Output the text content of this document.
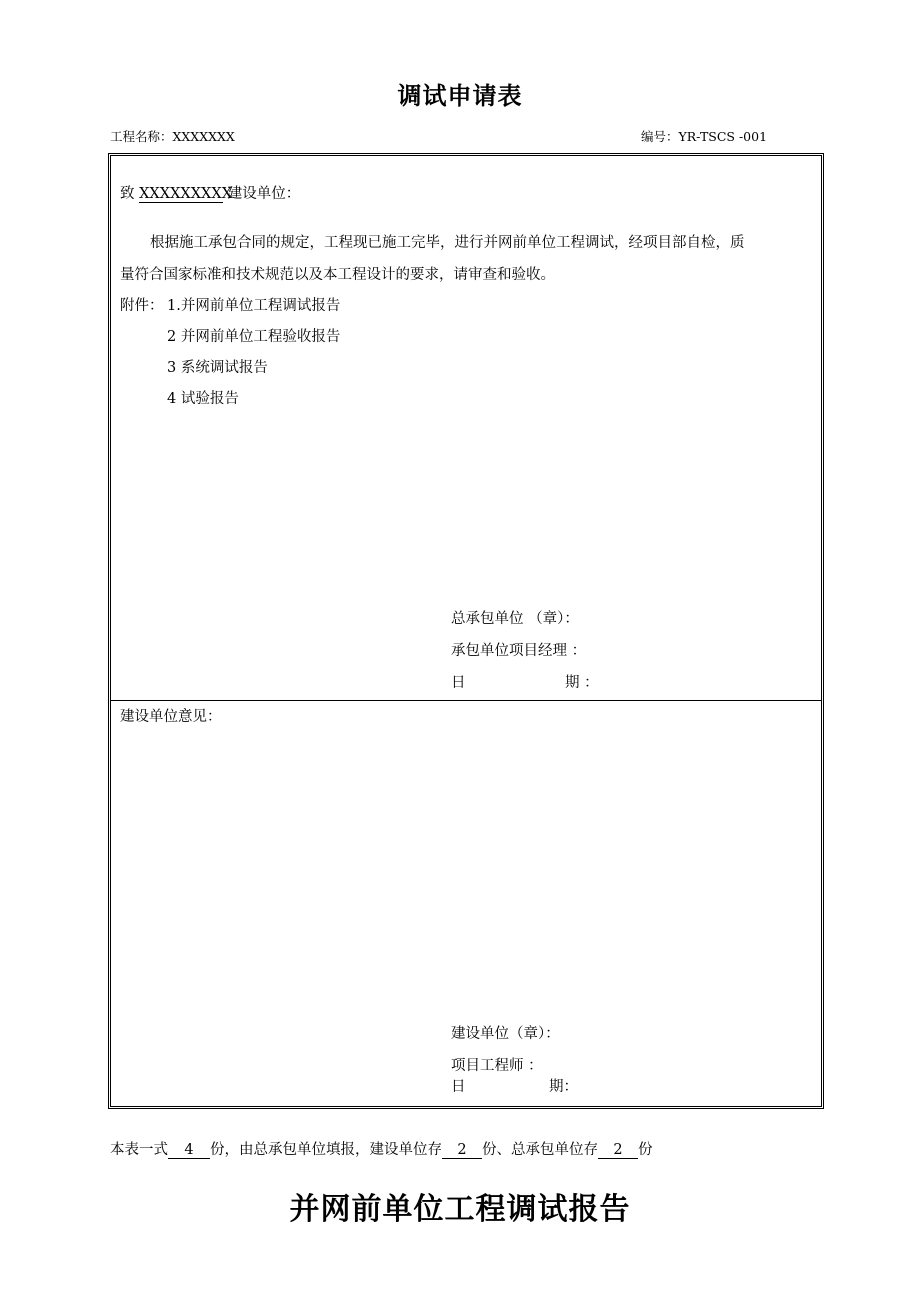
调试申请表
工程名称：XXXXXXX	编号：YR-TSCS -001
致 XXXXXXXXX 建设单位：
根据施工承包合同的规定，工程现已施工完毕，进行并网前单位工程调试，经项目部自检，质
量符合国家标准和技术规范以及本工程设计的要求，请审查和验收。
附件： 1.并网前单位工程调试报告
2 并网前单位工程验收报告
3 系统调试报告
4 试验报告
总承包单位 （章）：
承包单位项目经理 ：
日	期 ：
建设单位意见：
建设单位（章）：
项目工程师 ：
日	期：
本表一式 4 份，由总承包单位填报，建设单位存 2 份、总承包单位存 2 份
并网前单位工程调试报告
